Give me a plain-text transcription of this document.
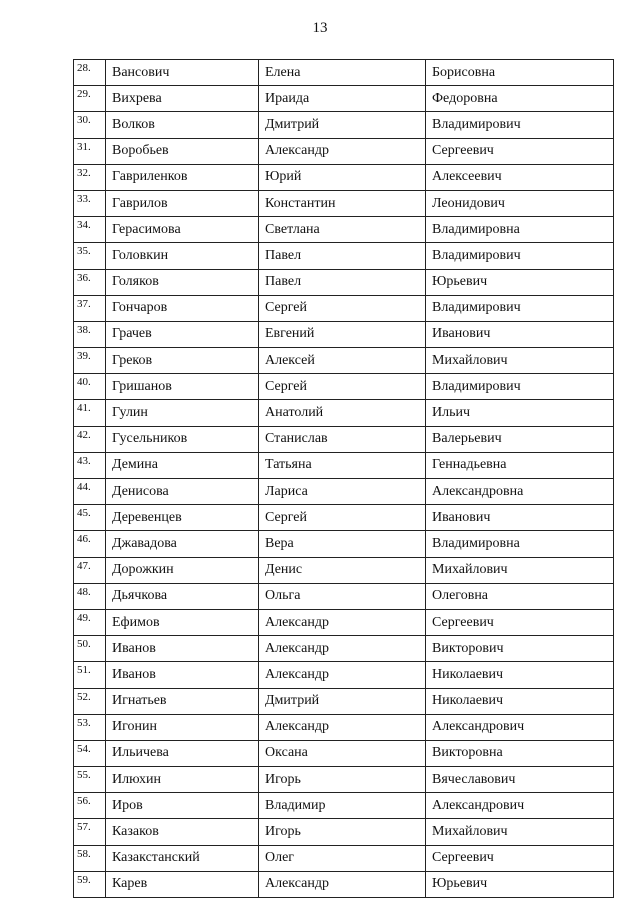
13
28.	Вансович	Елена	Борисовна
29.	Вихрева	Ираида	Федоровна
30.	Волков	Дмитрий	Владимирович
31.	Воробьев	Александр	Сергеевич
32.	Гавриленков	Юрий	Алексеевич
33.	Гаврилов	Константин	Леонидович
34.	Герасимова	Светлана	Владимировна
35.	Головкин	Павел	Владимирович
36.	Голяков	Павел	Юрьевич
37.	Гончаров	Сергей	Владимирович
38.	Грачев	Евгений	Иванович
39.	Греков	Алексей	Михайлович
40.	Гришанов	Сергей	Владимирович
41.	Гулин	Анатолий	Ильич
42.	Гусельников	Станислав	Валерьевич
43.	Демина	Татьяна	Геннадьевна
44.	Денисова	Лариса	Александровна
45.	Деревенцев	Сергей	Иванович
46.	Джавадова	Вера	Владимировна
47.	Дорожкин	Денис	Михайлович
48.	Дьячкова	Ольга	Олеговна
49.	Ефимов	Александр	Сергеевич
50.	Иванов	Александр	Викторович
51.	Иванов	Александр	Николаевич
52.	Игнатьев	Дмитрий	Николаевич
53.	Игонин	Александр	Александрович
54.	Ильичева	Оксана	Викторовна
55.	Илюхин	Игорь	Вячеславович
56.	Иров	Владимир	Александрович
57.	Казаков	Игорь	Михайлович
58.	Казакстанский	Олег	Сергеевич
59.	Карев	Александр	Юрьевич
